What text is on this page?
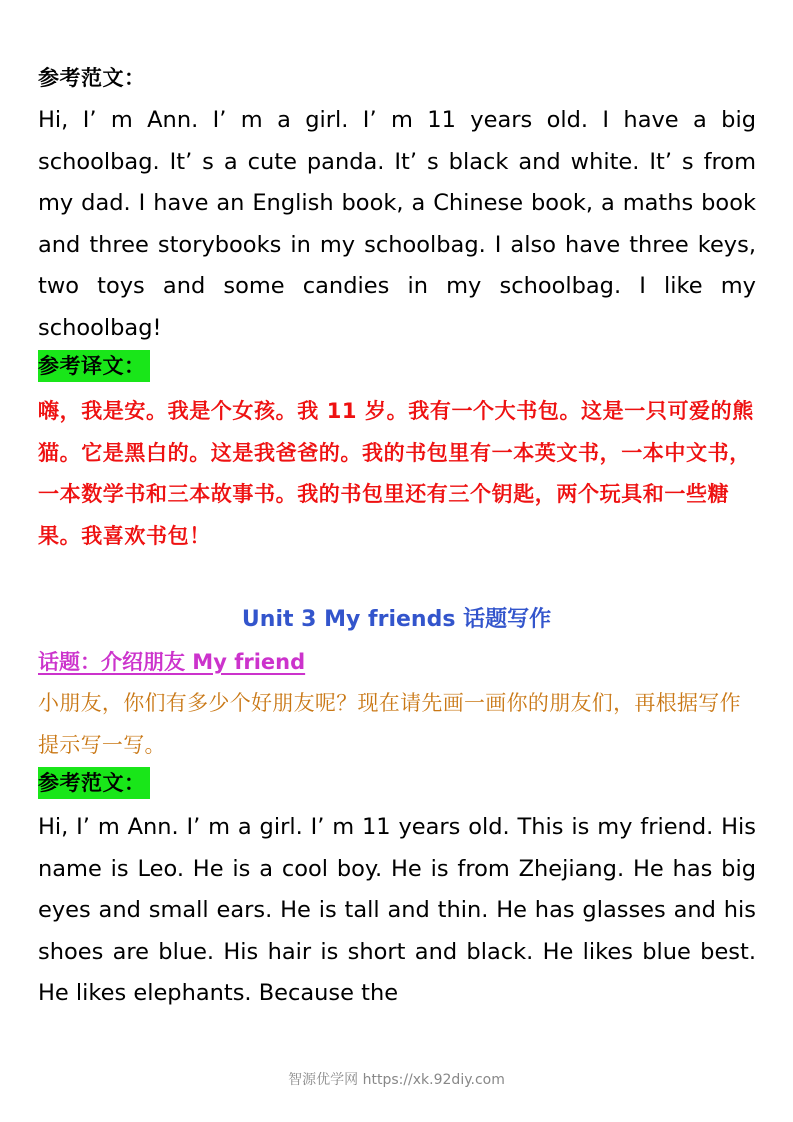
参考范文：

Hi, I’ m Ann. I’ m a girl. I’ m 11 years old. I have a big schoolbag. It’ s a cute panda. It’ s black and white. It’ s from my dad. I have an English book, a Chinese book, a maths book and three storybooks in my schoolbag. I also have three keys, two toys and some candies in my schoolbag. I like my schoolbag!

参考译文：

嗨，我是安。我是个女孩。我 11 岁。我有一个大书包。这是一只可爱的熊猫。它是黑白的。这是我爸爸的。我的书包里有一本英文书，一本中文书，一本数学书和三本故事书。我的书包里还有三个钥匙，两个玩具和一些糖果。我喜欢书包！

Unit 3 My friends 话题写作
话题：介绍朋友 My friend

小朋友，你们有多少个好朋友呢？现在请先画一画你的朋友们，再根据写作提示写一写。

参考范文：

Hi, I’ m Ann. I’ m a girl. I’ m 11 years old. This is my friend. His name is Leo. He is a cool boy. He is from Zhejiang. He has big eyes and small ears. He is tall and thin. He has glasses and his shoes are blue. His hair is short and black. He likes blue best. He likes elephants. Because the

智源优学网 https://xk.92diy.com
